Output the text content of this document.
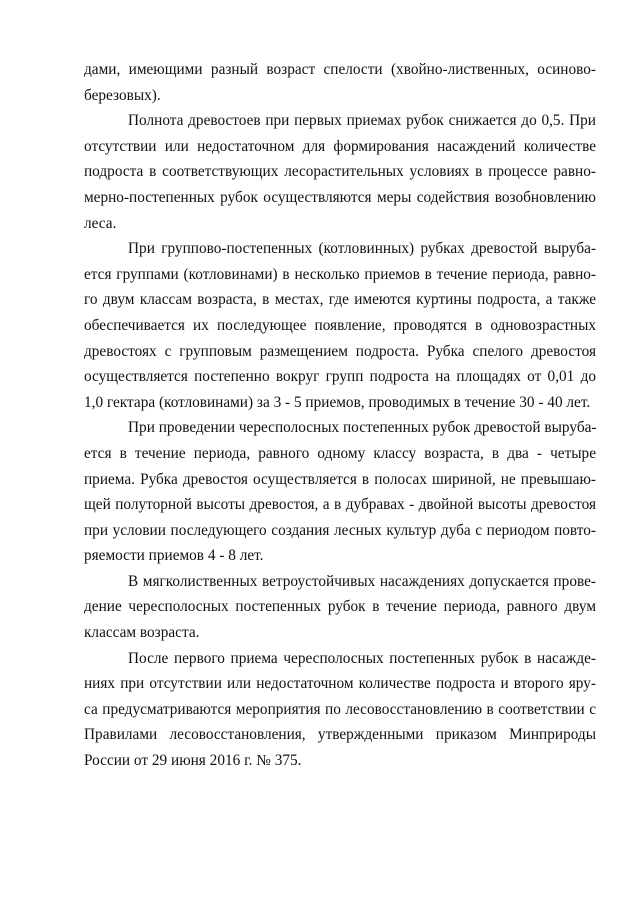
дами, имеющими разный возраст спелости (хвойно-лиственных, осиново-
березовых).

Полнота древостоев при первых приемах рубок снижается до 0,5. При
отсутствии или недостаточном для формирования насаждений количестве
подроста в соответствующих лесорастительных условиях в процессе равно-
мерно-постепенных рубок осуществляются меры содействия возобновлению
леса.

При группово-постепенных (котловинных) рубках древостой выруба-
ется группами (котловинами) в несколько приемов в течение периода, равно-
го двум классам возраста, в местах, где имеются куртины подроста, а также
обеспечивается их последующее появление, проводятся в одновозрастных
древостоях с групповым размещением подроста. Рубка спелого древостоя
осуществляется постепенно вокруг групп подроста на площадях от 0,01 до
1,0 гектара (котловинами) за 3 - 5 приемов, проводимых в течение 30 - 40 лет.

При проведении чересполосных постепенных рубок древостой выруба-
ется в течение периода, равного одному классу возраста, в два - четыре
приема. Рубка древостоя осуществляется в полосах шириной, не превышаю-
щей полуторной высоты древостоя, а в дубравах - двойной высоты древостоя
при условии последующего создания лесных культур дуба с периодом повто-
ряемости приемов 4 - 8 лет.

В мягколиственных ветроустойчивых насаждениях допускается прове-
дение чересполосных постепенных рубок в течение периода, равного двум
классам возраста.

После первого приема чересполосных постепенных рубок в насажде-
ниях при отсутствии или недостаточном количестве подроста и второго яру-
са предусматриваются мероприятия по лесовосстановлению в соответствии с
Правилами лесовосстановления, утвержденными приказом Минприроды
России от 29 июня 2016 г. № 375.
